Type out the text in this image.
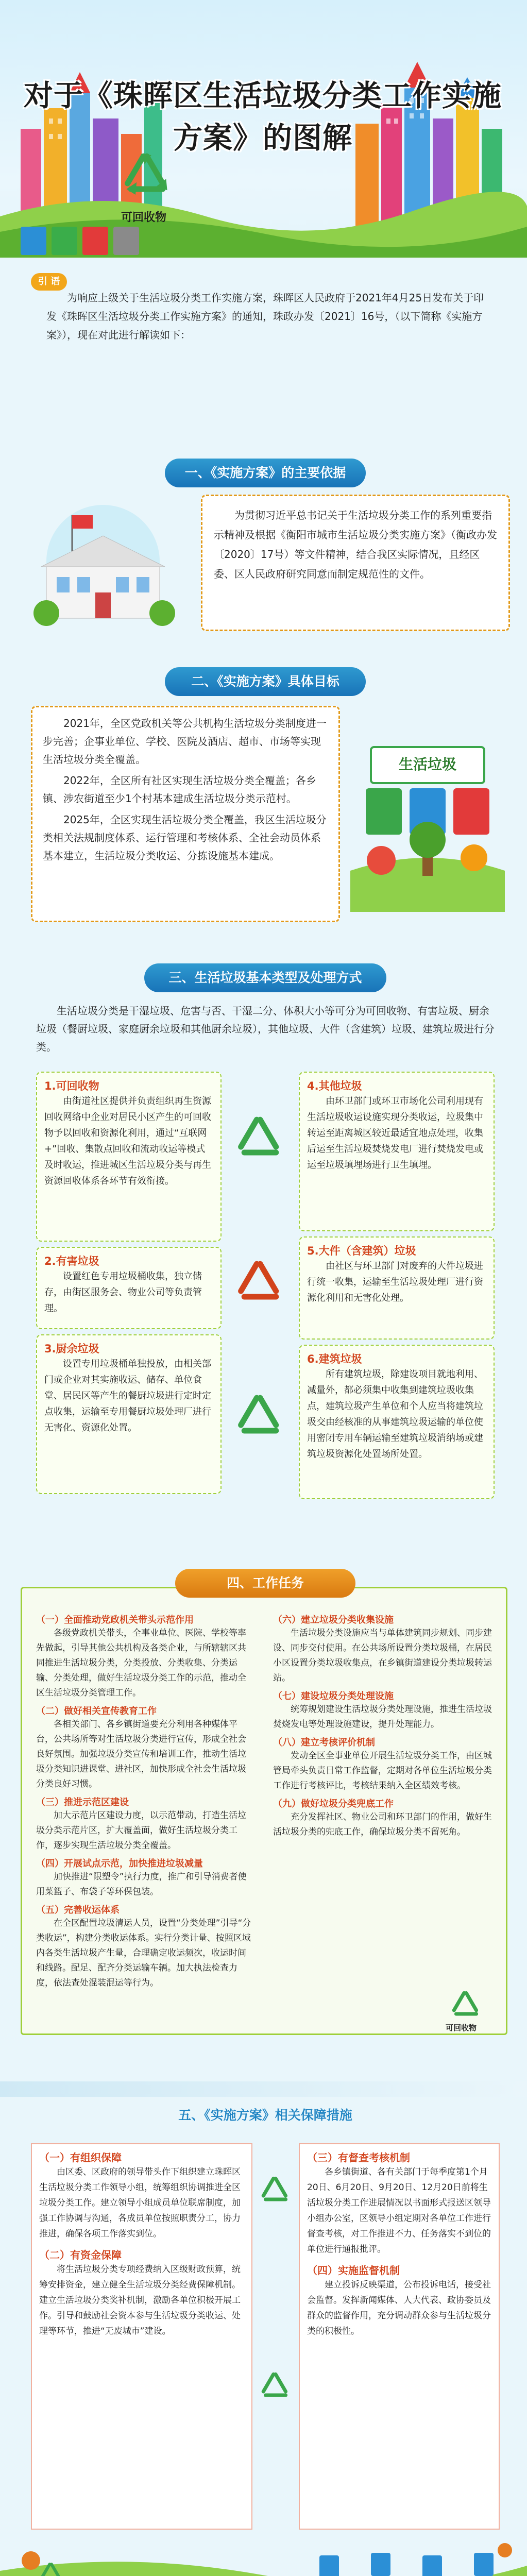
对于《珠晖区生活垃圾分类工作实施方案》的图解
可回收物
引 语
为响应上级关于生活垃圾分类工作实施方案，珠晖区人民政府于2021年4月25日发布关于印发《珠晖区生活垃圾分类工作实施方案》的通知，珠政办发〔2021〕16号，（以下简称《实施方案》），现在对此进行解读如下：
一、《实施方案》的主要依据
为贯彻习近平总书记关于生活垃圾分类工作的系列重要指示精神及根据《衡阳市城市生活垃圾分类实施方案》（衡政办发〔2020〕17号）等文件精神，结合我区实际情况，且经区委、区人民政府研究同意而制定规范性的文件。
二、《实施方案》具体目标
2021年，全区党政机关等公共机构生活垃圾分类制度进一步完善；企事业单位、学校、医院及酒店、超市、市场等实现生活垃圾分类全覆盖。
2022年，全区所有社区实现生活垃圾分类全覆盖；各乡镇、涉农街道至少1个村基本建成生活垃圾分类示范村。
2025年，全区实现生活垃圾分类全覆盖，我区生活垃圾分类相关法规制度体系、运行管理和考核体系、全社会动员体系基本建立，生活垃圾分类收运、分拣设施基本建成。
生活垃圾
三、生活垃圾基本类型及处理方式
生活垃圾分类是干湿垃圾、危害与否、干湿二分、体积大小等可分为可回收物、有害垃圾、厨余垃圾（餐厨垃圾、家庭厨余垃圾和其他厨余垃圾），其他垃圾、大件（含建筑）垃圾、建筑垃圾进行分类。
1.可回收物
由街道社区提供并负责组织再生资源回收网络中企业对居民小区产生的可回收物予以回收和资源化利用，通过“互联网+”回收、集散点回收和流动收运等模式及时收运，推进城区生活垃圾分类与再生资源回收体系各环节有效衔接。
2.有害垃圾
设置红色专用垃圾桶收集，独立储存，由街区服务会、物业公司等负责管理。
3.厨余垃圾
设置专用垃圾桶单独投放，由相关部门或企业对其实施收运、储存、单位食堂、居民区等产生的餐厨垃圾进行定时定点收集，运输至专用餐厨垃圾处理厂进行无害化、资源化处置。
4.其他垃圾
由环卫部门或环卫市场化公司利用现有生活垃圾收运设施实现分类收运，垃圾集中转运至距离城区较近最适宜地点处理，收集后运至生活垃圾焚烧发电厂进行焚烧发电或运至垃圾填埋场进行卫生填埋。
5.大件（含建筑）垃圾
由社区与环卫部门对废弃的大件垃圾进行统一收集，运输至生活垃圾处理厂进行资源化利用和无害化处理。
6.建筑垃圾
所有建筑垃圾，除建设项目就地利用、减量外，都必须集中收集到建筑垃圾收集点，建筑垃圾产生单位和个人应当将建筑垃圾交由经核准的从事建筑垃圾运输的单位使用密闭专用车辆运输至建筑垃圾消纳场或建筑垃圾资源化处置场所处置。
四、工作任务
（一）全面推动党政机关带头示范作用
各级党政机关带头，全事业单位、医院、学校等率先做起，引导其他公共机构及各类企业，与所辖辖区共同推进生活垃圾分类，分类投放、分类收集、分类运输、分类处理，做好生活垃圾分类工作的示范，推动全区生活垃圾分类管理工作。
（二）做好相关宣传教育工作
各相关部门、各乡镇街道要充分利用各种媒体平台，公共场所等对生活垃圾分类进行宣传，形成全社会良好氛围。加强垃圾分类宣传和培训工作，推动生活垃圾分类知识进课堂、进社区，加快形成全社会生活垃圾分类良好习惯。
（三）推进示范区建设
加大示范片区建设力度，以示范带动，打造生活垃圾分类示范片区，扩大覆盖面，做好生活垃圾分类工作，逐步实现生活垃圾分类全覆盖。
（四）开展试点示范，加快推进垃圾减量
加快推进“限塑令”执行力度，推广和引导消费者使用菜篮子、布袋子等环保包装。
（五）完善收运体系
在全区配置垃圾清运人员，设置“分类处理”引导“分类收运”，构建分类收运体系。实行分类计量、按照区域内各类生活垃圾产生量，合理确定收运频次，收运时间和线路。配足、配齐分类运输车辆。加大执法检查力度，依法查处混装混运等行为。
（六）建立垃圾分类收集设施
生活垃圾分类设施应当与单体建筑同步规划、同步建设、同步交付使用。在公共场所设置分类垃圾桶，在居民小区设置分类垃圾收集点，在乡镇街道建设分类垃圾转运站。
（七）建设垃圾分类处理设施
统筹规划建设生活垃圾分类处理设施，推进生活垃圾焚烧发电等处理设施建设，提升处理能力。
（八）建立考核评价机制
发动全区全事业单位开展生活垃圾分类工作，由区城管局牵头负责日常工作监督，定期对各单位生活垃圾分类工作进行考核评比，考核结果纳入全区绩效考核。
（九）做好垃圾分类兜底工作
充分发挥社区、物业公司和环卫部门的作用，做好生活垃圾分类的兜底工作，确保垃圾分类不留死角。
可回收物
五、《实施方案》相关保障措施
（一）有组织保障
由区委、区政府的领导带头作下组织建立珠晖区生活垃圾分类工作领导小组，统筹组织协调推进全区垃圾分类工作。建立领导小组成员单位联席制度，加强工作协调与沟通，各成员单位按照职责分工，协力推进，确保各项工作落实到位。
（二）有资金保障
将生活垃圾分类专项经费纳入区级财政预算，统筹安排资金，建立健全生活垃圾分类经费保障机制。建立生活垃圾分类奖补机制，激励各单位积极开展工作。引导和鼓励社会资本参与生活垃圾分类收运、处理等环节，推进“无废城市”建设。
（三）有督查考核机制
各乡镇街道、各有关部门于每季度第1个月20日、6月20日、9月20日、12月20日前将生活垃圾分类工作进展情况以书面形式报送区领导小组办公室，区领导小组定期对各单位工作进行督查考核，对工作推进不力、任务落实不到位的单位进行通报批评。
（四）实施监督机制
建立投诉反映渠道，公布投诉电话，接受社会监督。发挥新闻媒体、人大代表、政协委员及群众的监督作用，充分调动群众参与生活垃圾分类的积极性。
